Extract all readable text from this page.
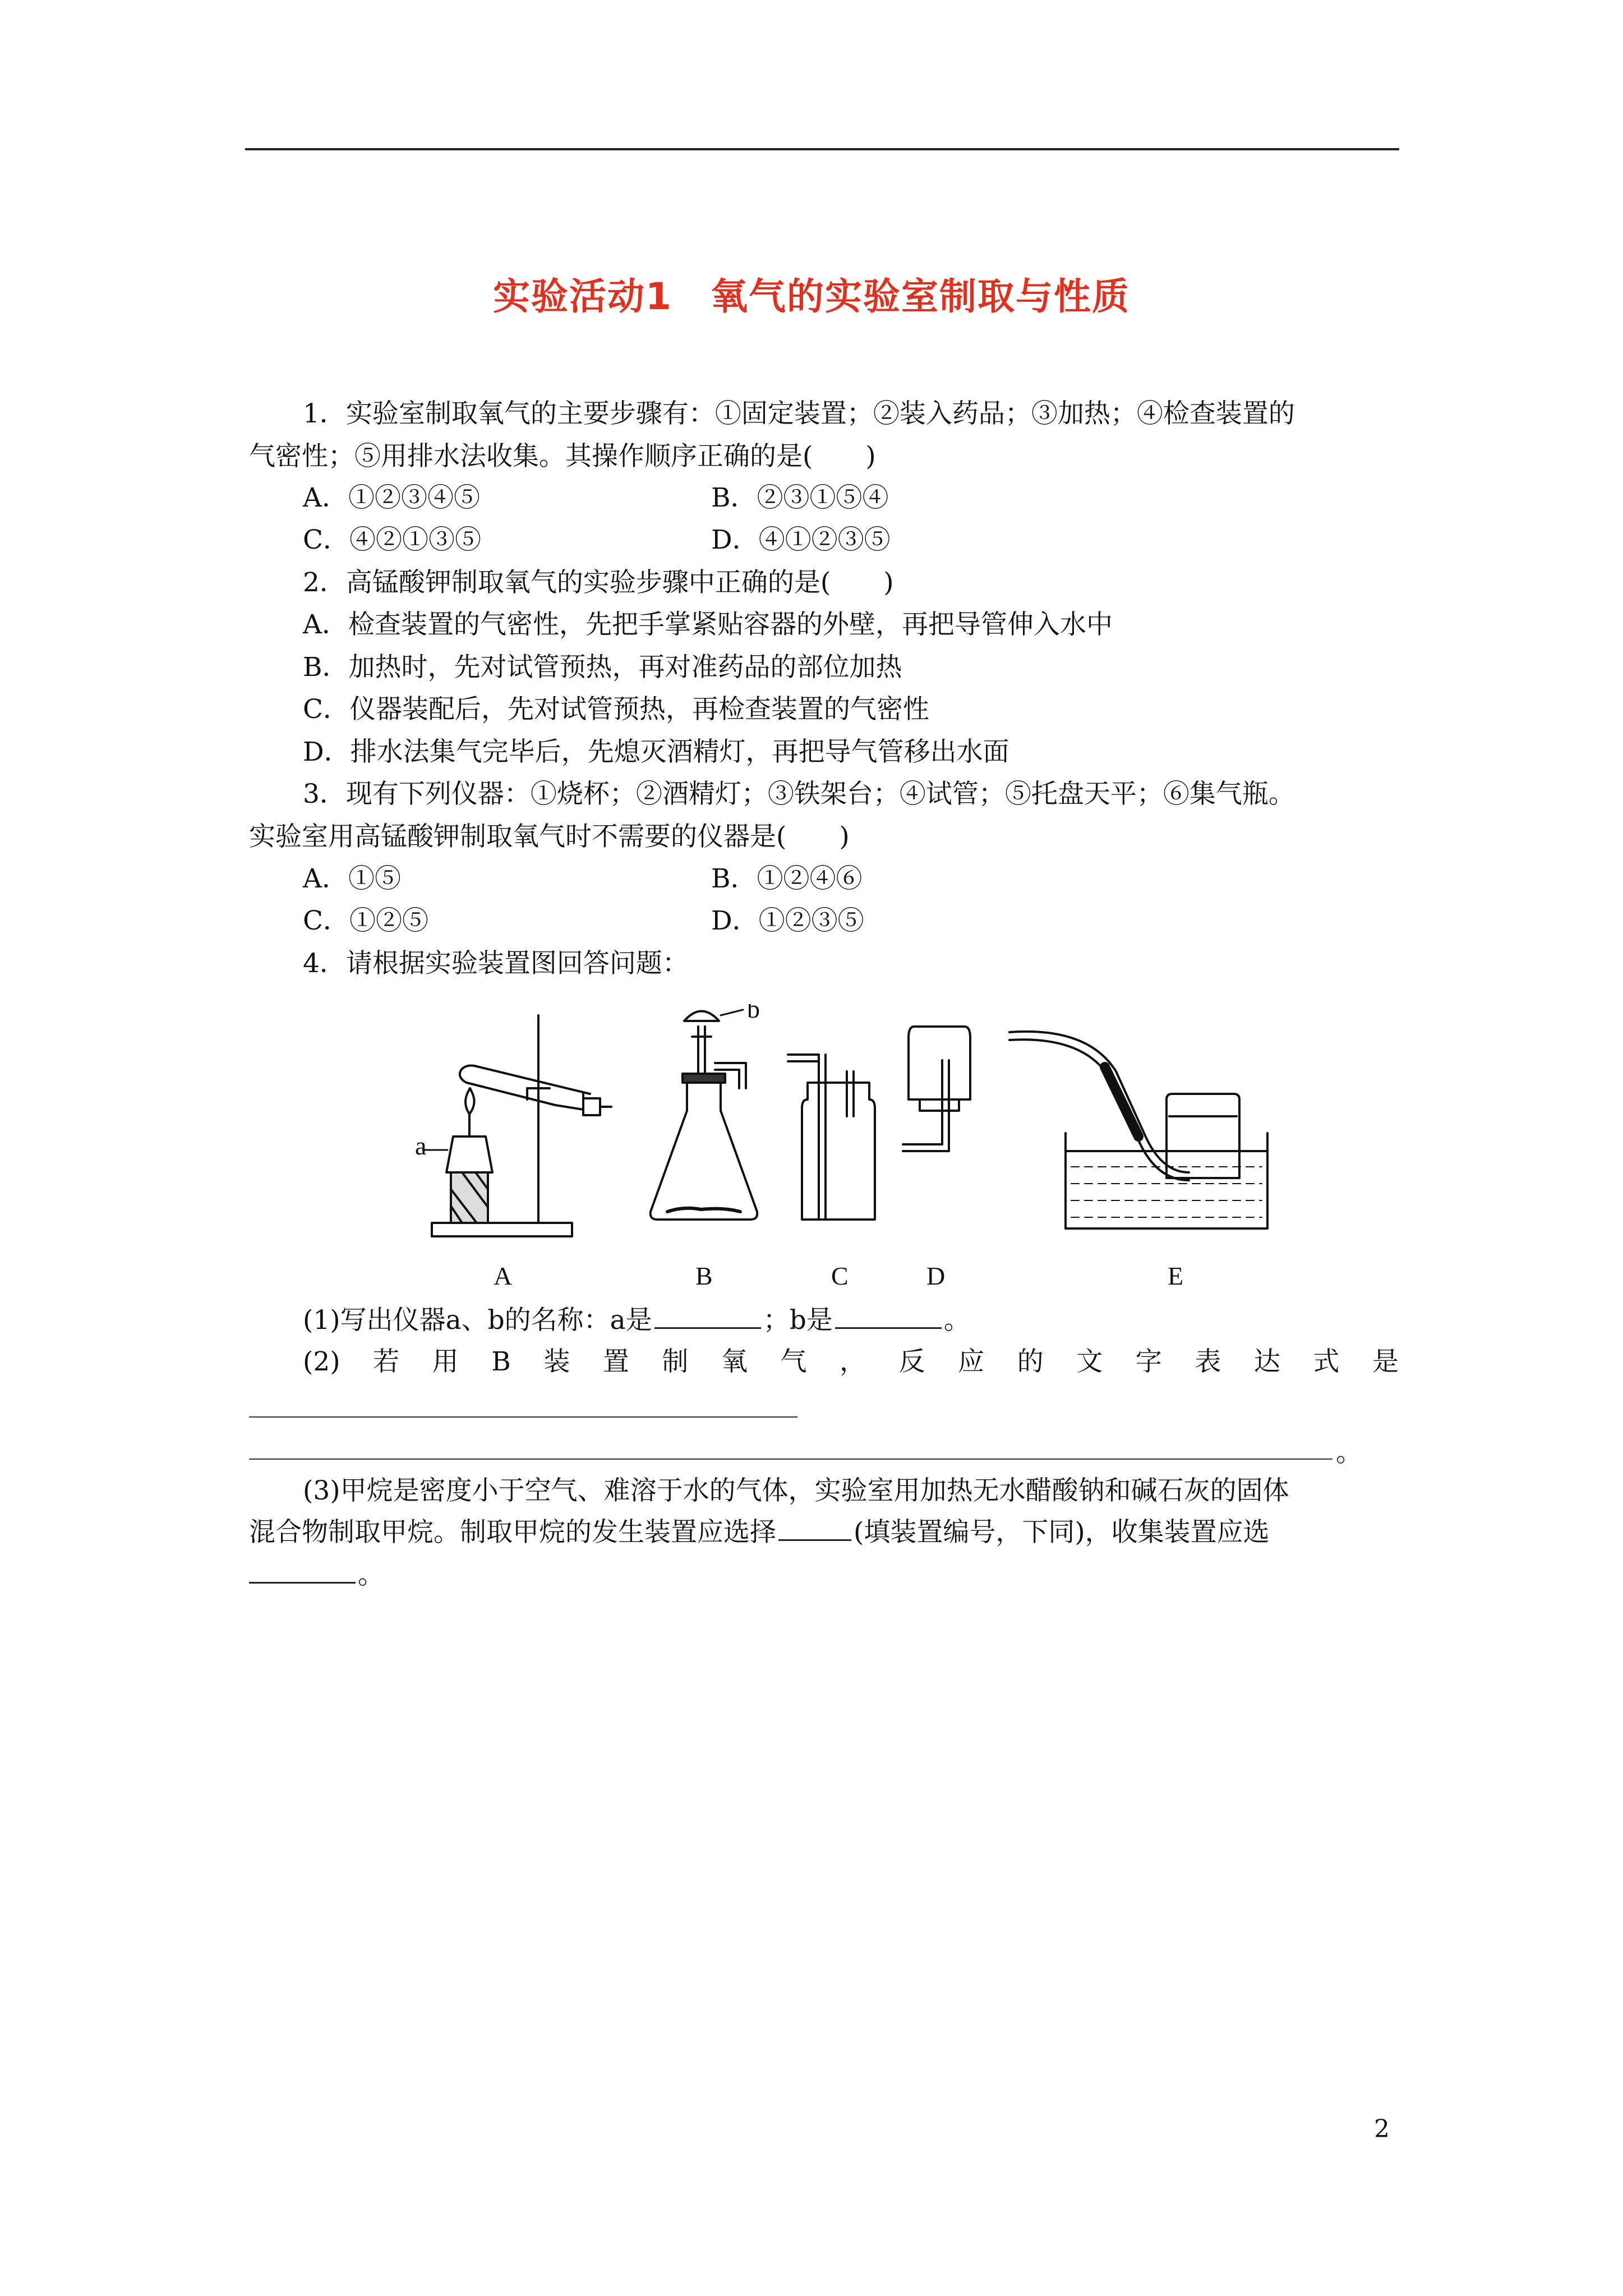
实验活动1　氧气的实验室制取与性质
1．实验室制取氧气的主要步骤有：①固定装置；②装入药品；③加热；④检查装置的
气密性；⑤用排水法收集。其操作顺序正确的是(　　)
A．①②③④⑤	B．②③①⑤④
C．④②①③⑤	D．④①②③⑤
2．高锰酸钾制取氧气的实验步骤中正确的是(　　)
A．检查装置的气密性，先把手掌紧贴容器的外壁，再把导管伸入水中
B．加热时，先对试管预热，再对准药品的部位加热
C．仪器装配后，先对试管预热，再检查装置的气密性
D．排水法集气完毕后，先熄灭酒精灯，再把导气管移出水面
3．现有下列仪器：①烧杯；②酒精灯；③铁架台；④试管；⑤托盘天平；⑥集气瓶。
实验室用高锰酸钾制取氧气时不需要的仪器是(　　)
A．①⑤	B．①②④⑥
C．①②⑤	D．①②③⑤
4．请根据实验装置图回答问题：
a
b
A	B	C	D	E
(1)写出仪器a、b的名称：a是	；b是	。
(2) 若 用 B 装 置 制 氧 气 ， 反 应 的 文 字 表 达 式 是
。
(3)甲烷是密度小于空气、难溶于水的气体，实验室用加热无水醋酸钠和碱石灰的固体
混合物制取甲烷。制取甲烷的发生装置应选择	(填装置编号，下同)，收集装置应选
。
2
